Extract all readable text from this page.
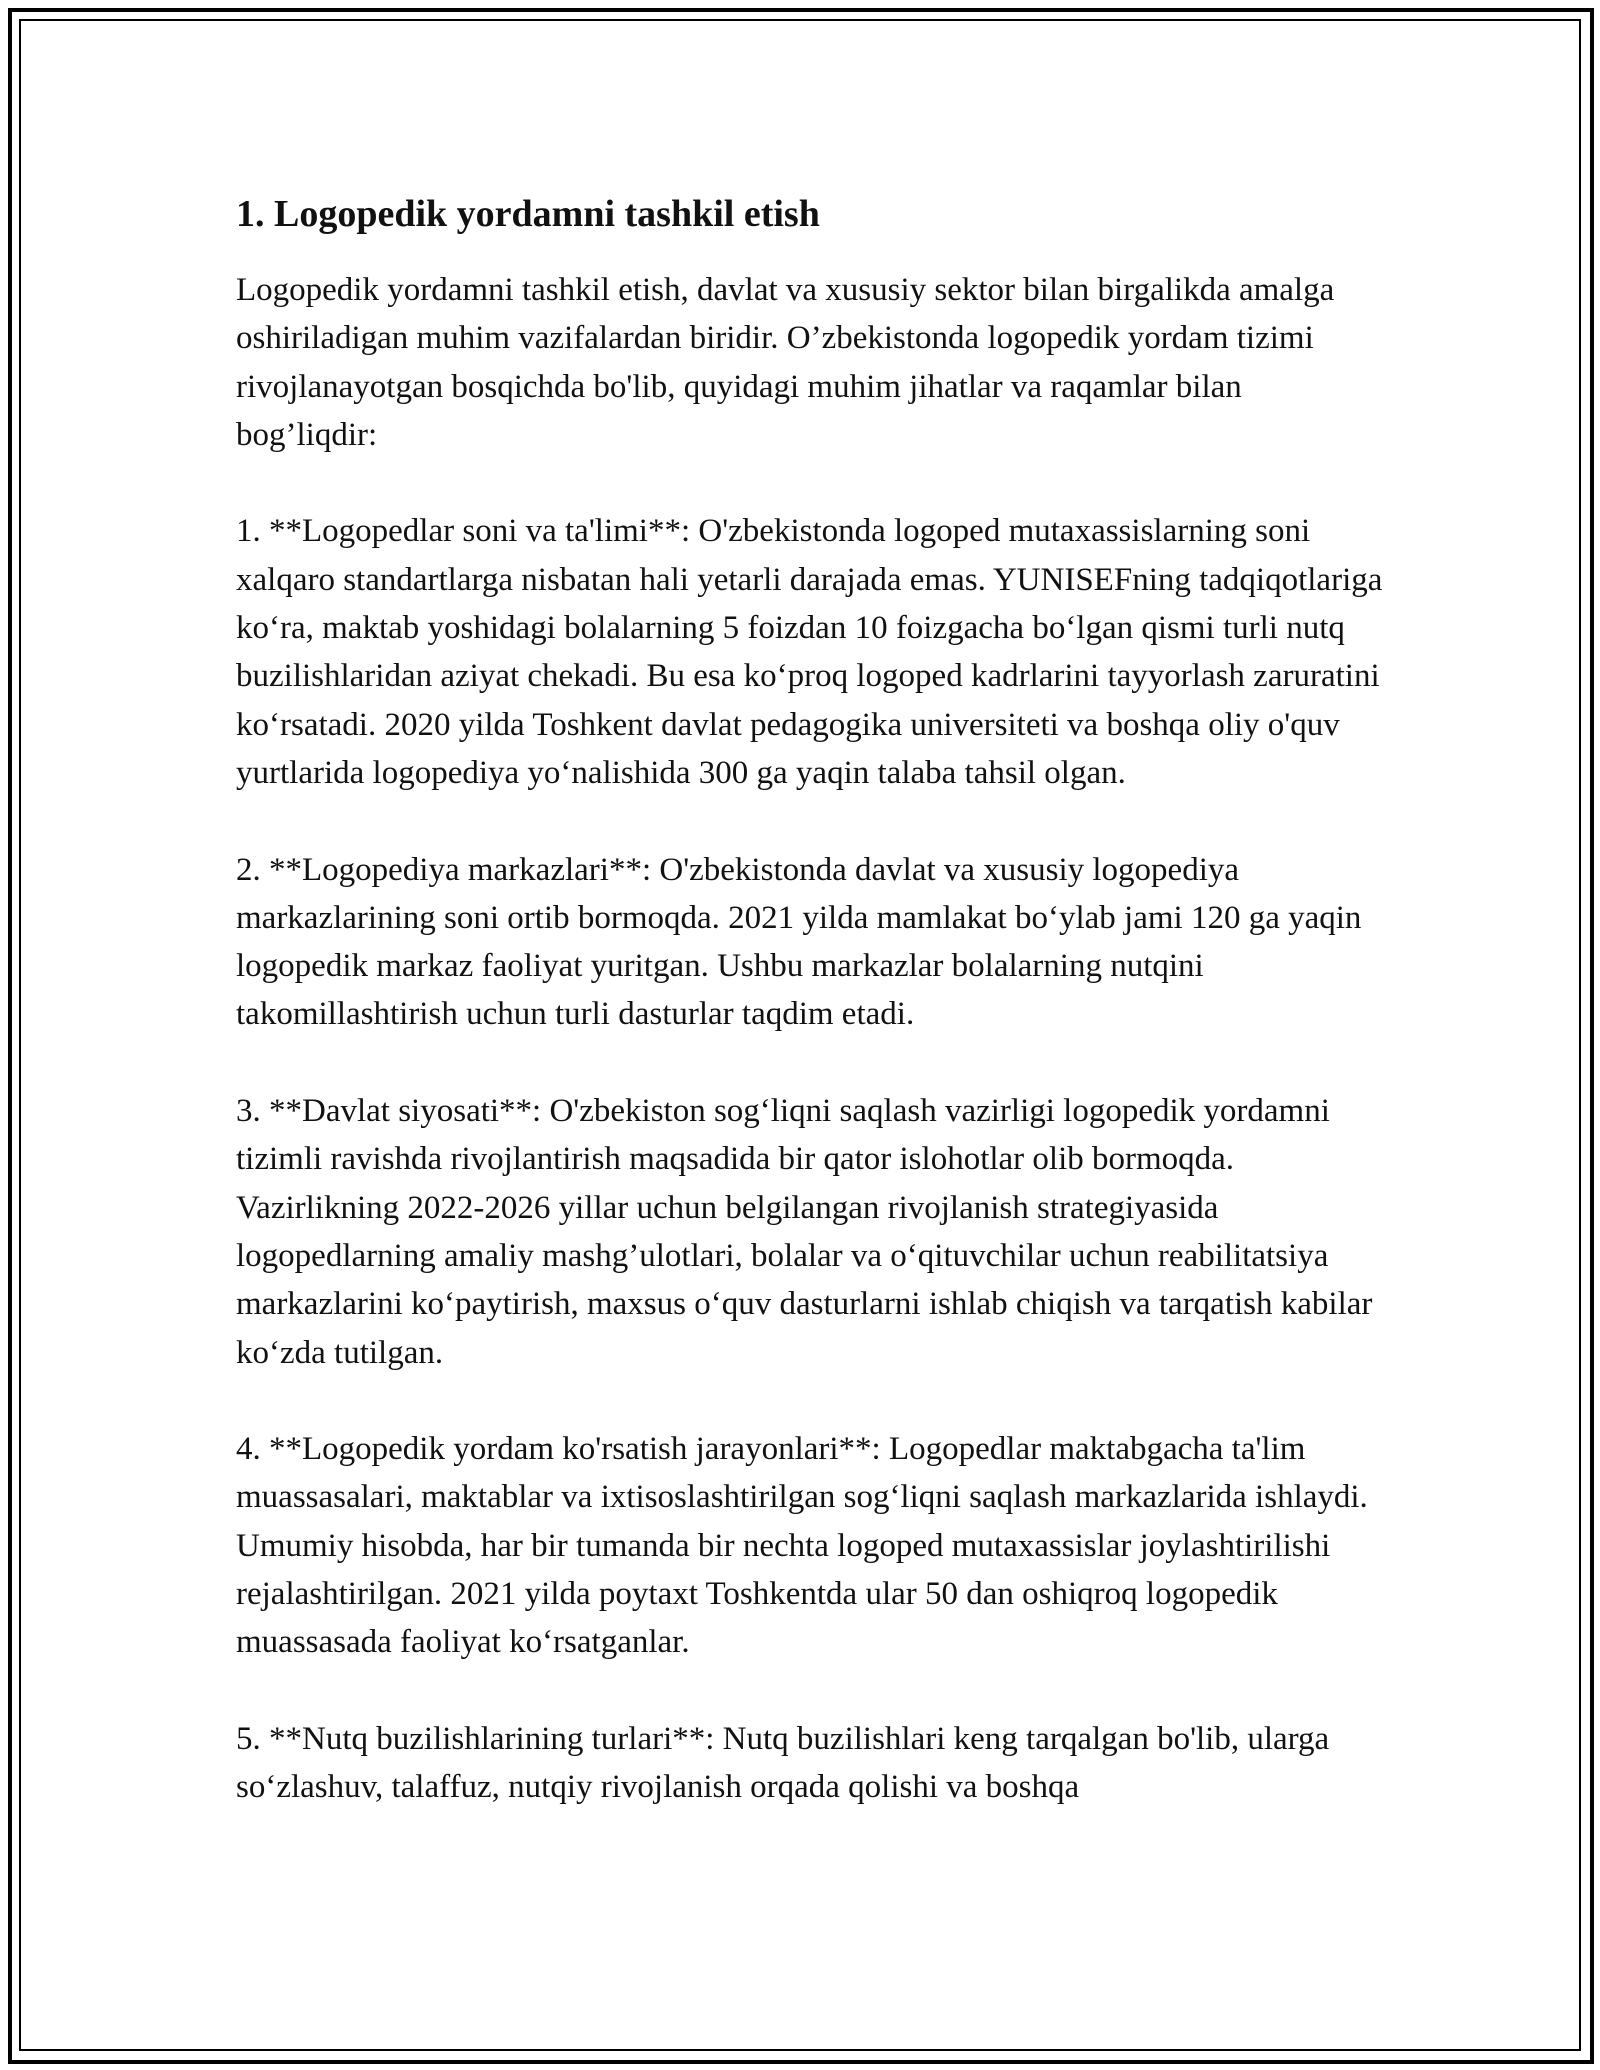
1. Logopedik yordamni tashkil etish

Logopedik yordamni tashkil etish, davlat va xususiy sektor bilan birgalikda amalga oshiriladigan muhim vazifalardan biridir. O’zbekistonda logopedik yordam tizimi rivojlanayotgan bosqichda bo'lib, quyidagi muhim jihatlar va raqamlar bilan bog’liqdir:

1. **Logopedlar soni va ta'limi**: O'zbekistonda logoped mutaxassislarning soni xalqaro standartlarga nisbatan hali yetarli darajada emas. YUNISEFning tadqiqotlariga ko‘ra, maktab yoshidagi bolalarning 5 foizdan 10 foizgacha bo‘lgan qismi turli nutq buzilishlaridan aziyat chekadi. Bu esa ko‘proq logoped kadrlarini tayyorlash zaruratini ko‘rsatadi. 2020 yilda Toshkent davlat pedagogika universiteti va boshqa oliy o'quv yurtlarida logopediya yo‘nalishida 300 ga yaqin talaba tahsil olgan.

2. **Logopediya markazlari**: O'zbekistonda davlat va xususiy logopediya markazlarining soni ortib bormoqda. 2021 yilda mamlakat bo‘ylab jami 120 ga yaqin logopedik markaz faoliyat yuritgan. Ushbu markazlar bolalarning nutqini takomillashtirish uchun turli dasturlar taqdim etadi.

3. **Davlat siyosati**: O'zbekiston sog‘liqni saqlash vazirligi logopedik yordamni tizimli ravishda rivojlantirish maqsadida bir qator islohotlar olib bormoqda. Vazirlikning 2022-2026 yillar uchun belgilangan rivojlanish strategiyasida logopedlarning amaliy mashg’ulotlari, bolalar va o‘qituvchilar uchun reabilitatsiya markazlarini ko‘paytirish, maxsus o‘quv dasturlarni ishlab chiqish va tarqatish kabilar ko‘zda tutilgan.

4. **Logopedik yordam ko'rsatish jarayonlari**: Logopedlar maktabgacha ta'lim muassasalari, maktablar va ixtisoslashtirilgan sog‘liqni saqlash markazlarida ishlaydi. Umumiy hisobda, har bir tumanda bir nechta logoped mutaxassislar joylashtirilishi rejalashtirilgan. 2021 yilda poytaxt Toshkentda ular 50 dan oshiqroq logopedik muassasada faoliyat ko‘rsatganlar.

5. **Nutq buzilishlarining turlari**: Nutq buzilishlari keng tarqalgan bo'lib, ularga so‘zlashuv, talaffuz, nutqiy rivojlanish orqada qolishi va boshqa
